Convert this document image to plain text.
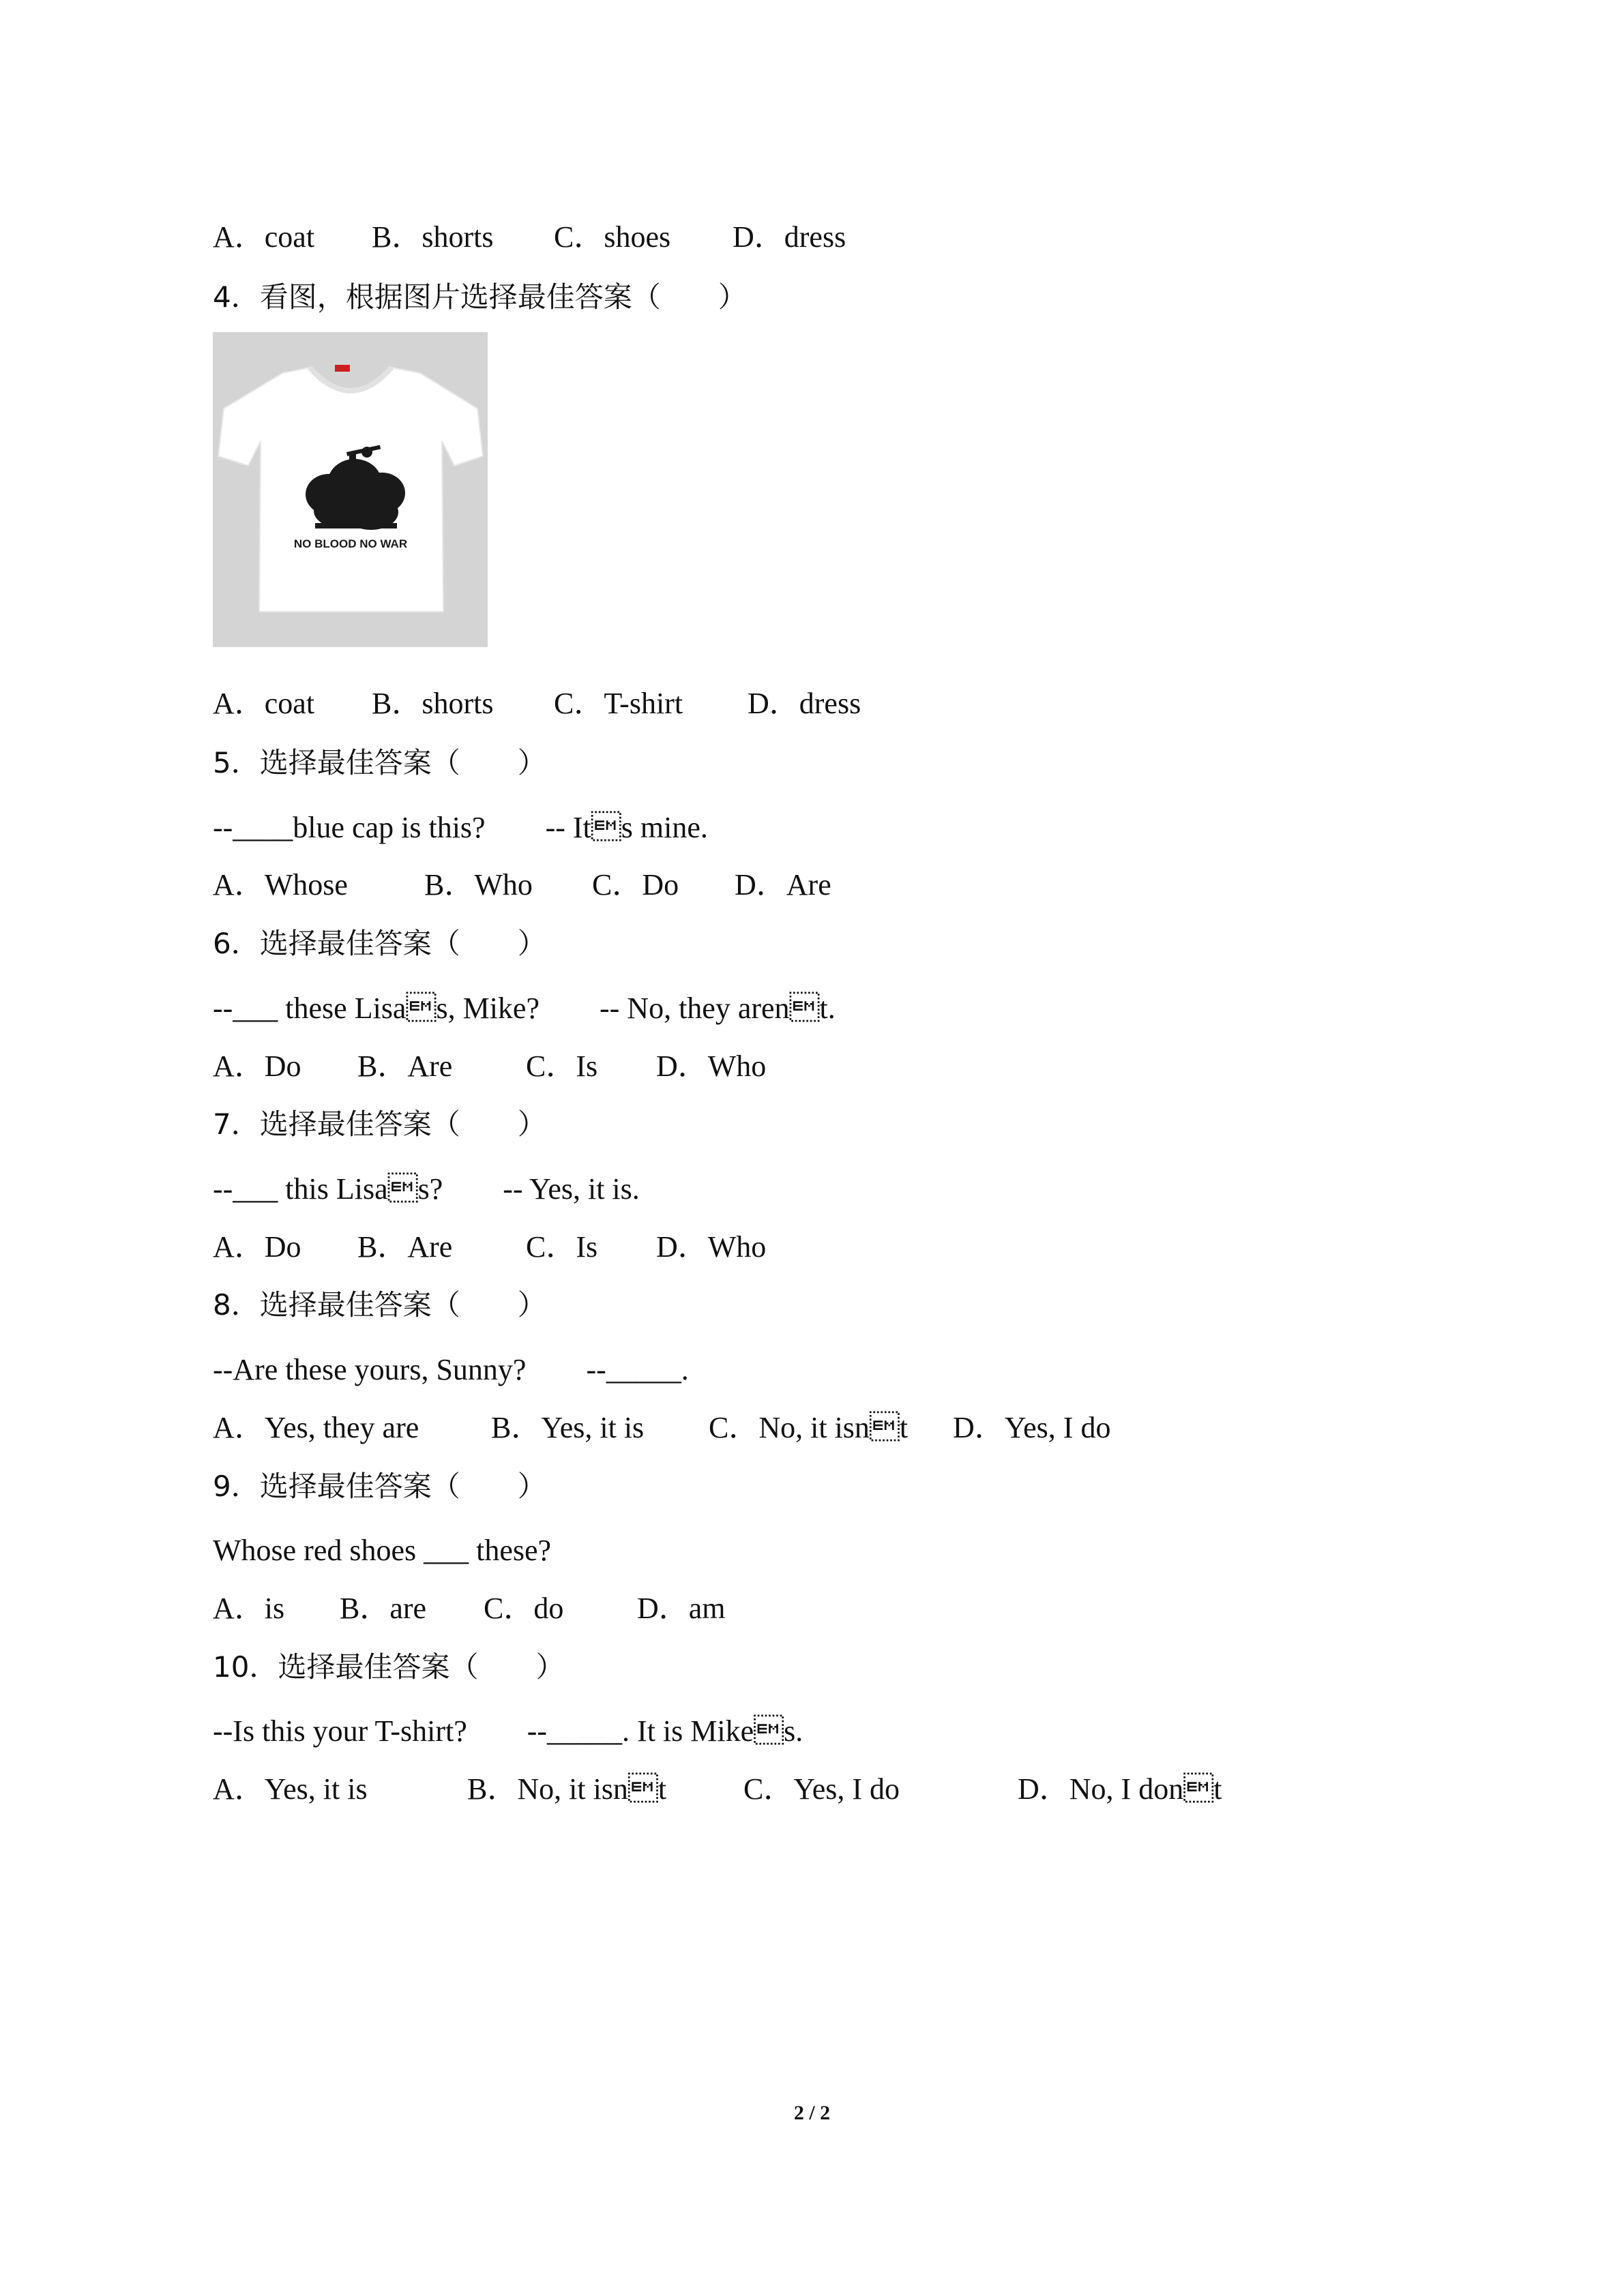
A．coat

B．shorts

C．shoes

D．dress

4．看图，根据图片选择最佳答案（　　）
NO BLOOD NO WAR

A．coat

B．shorts

C．T-shirt

D．dress

5．选择最佳答案（　　）
--____blue cap is this?　　-- Its mine.

A．Whose

	B．Who

C．Do

D．Are

6．选择最佳答案（　　）
--___ these Lisas, Mike?　　-- No, they arent.

A．Do

B．Are

C．Is

D．Who

7．选择最佳答案（　　）
--___ this Lisas?　　-- Yes, it is.

A．Do

B．Are

C．Is

D．Who

8．选择最佳答案（　　）
--Are these yours, Sunny?　　--_____.

A．Yes, they are

B．Yes, it is

C．No, it isnt

D．Yes, I do

9．选择最佳答案（　　）
Whose red shoes ___ these?

A．is

B．are

C．do

D．am

10．选择最佳答案（　　）
--Is this your T-shirt?　　--_____. It is Mikes.

A．Yes, it is

	B．No, it isnt

	C．Yes, I do

	D．No, I dont

2 / 2
